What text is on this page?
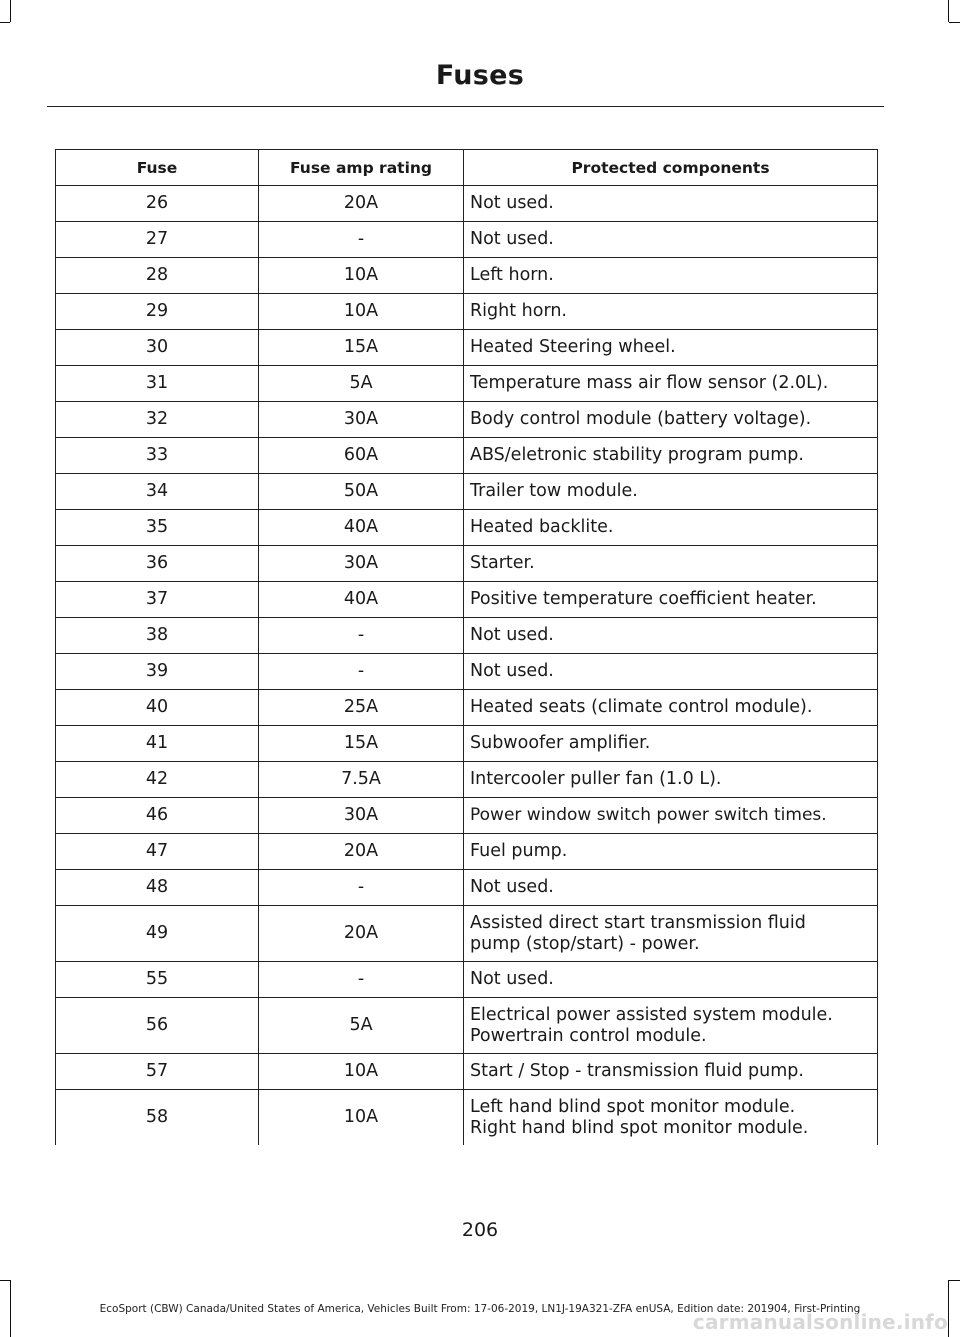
Fuses
Fuse	Fuse amp rating	Protected components
26	20A	Not used.
27	-	Not used.
28	10A	Left horn.
29	10A	Right horn.
30	15A	Heated Steering wheel.
31	5A	Temperature mass air flow sensor (2.0L).
32	30A	Body control module (battery voltage).
33	60A	ABS/eletronic stability program pump.
34	50A	Trailer tow module.
35	40A	Heated backlite.
36	30A	Starter.
37	40A	Positive temperature coefficient heater.
38	-	Not used.
39	-	Not used.
40	25A	Heated seats (climate control module).
41	15A	Subwoofer amplifier.
42	7.5A	Intercooler puller fan (1.0 L).
46	30A	Power window switch power switch times.
47	20A	Fuel pump.
48	-	Not used.
49	20A	Assisted direct start transmission fluid
pump (stop/start) - power.

55	-	Not used.
56	5A	Electrical power assisted system module.
Powertrain control module.

57	10A	Start / Stop - transmission fluid pump.
58	10A	Left hand blind spot monitor module.
Right hand blind spot monitor module.
206
EcoSport (CBW) Canada/United States of America, Vehicles Built From: 17-06-2019, LN1J-19A321-ZFA enUSA, Edition date: 201904, First-Printing
carmanualsonline.info
